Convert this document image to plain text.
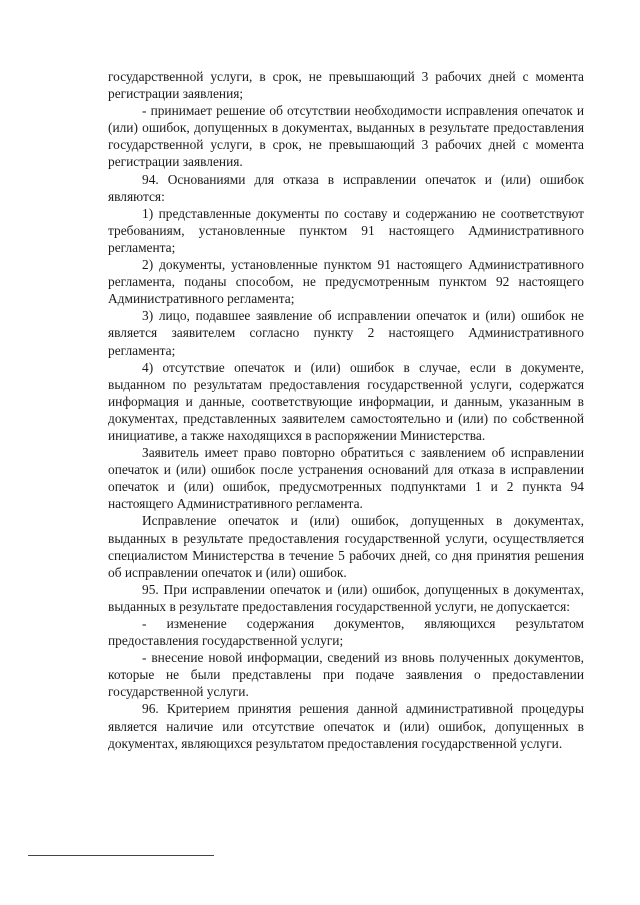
государственной услуги, в срок, не превышающий 3 рабочих дней с момента регистрации заявления;

- принимает решение об отсутствии необходимости исправления опечаток и (или) ошибок, допущенных в документах, выданных в результате предоставления государственной услуги, в срок, не превышающий 3 рабочих дней с момента регистрации заявления.

94. Основаниями для отказа в исправлении опечаток и (или) ошибок являются:

1) представленные документы по составу и содержанию не соответствуют требованиям, установленные пунктом 91 настоящего Административного регламента;

2) документы, установленные пунктом 91 настоящего Административного регламента, поданы способом, не предусмотренным пунктом 92 настоящего Административного регламента;

3) лицо, подавшее заявление об исправлении опечаток и (или) ошибок не является заявителем согласно пункту 2 настоящего Административного регламента;

4) отсутствие опечаток и (или) ошибок в случае, если в документе, выданном по результатам предоставления государственной услуги, содержатся информация и данные, соответствующие информации, и данным, указанным в документах, представленных заявителем самостоятельно и (или) по собственной инициативе, а также находящихся в распоряжении Министерства.

Заявитель имеет право повторно обратиться с заявлением об исправлении опечаток и (или) ошибок после устранения оснований для отказа в исправлении опечаток и (или) ошибок, предусмотренных подпунктами 1 и 2 пункта 94 настоящего Административного регламента.

Исправление опечаток и (или) ошибок, допущенных в документах, выданных в результате предоставления государственной услуги, осуществляется специалистом Министерства в течение 5 рабочих дней, со дня принятия решения об исправлении опечаток и (или) ошибок.

95. При исправлении опечаток и (или) ошибок, допущенных в документах, выданных в результате предоставления государственной услуги, не допускается:

- изменение содержания документов, являющихся результатом предоставления государственной услуги;

- внесение новой информации, сведений из вновь полученных документов, которые не были представлены при подаче заявления о предоставлении государственной услуги.

96. Критерием принятия решения данной административной процедуры является наличие или отсутствие опечаток и (или) ошибок, допущенных в документах, являющихся результатом предоставления государственной услуги.
